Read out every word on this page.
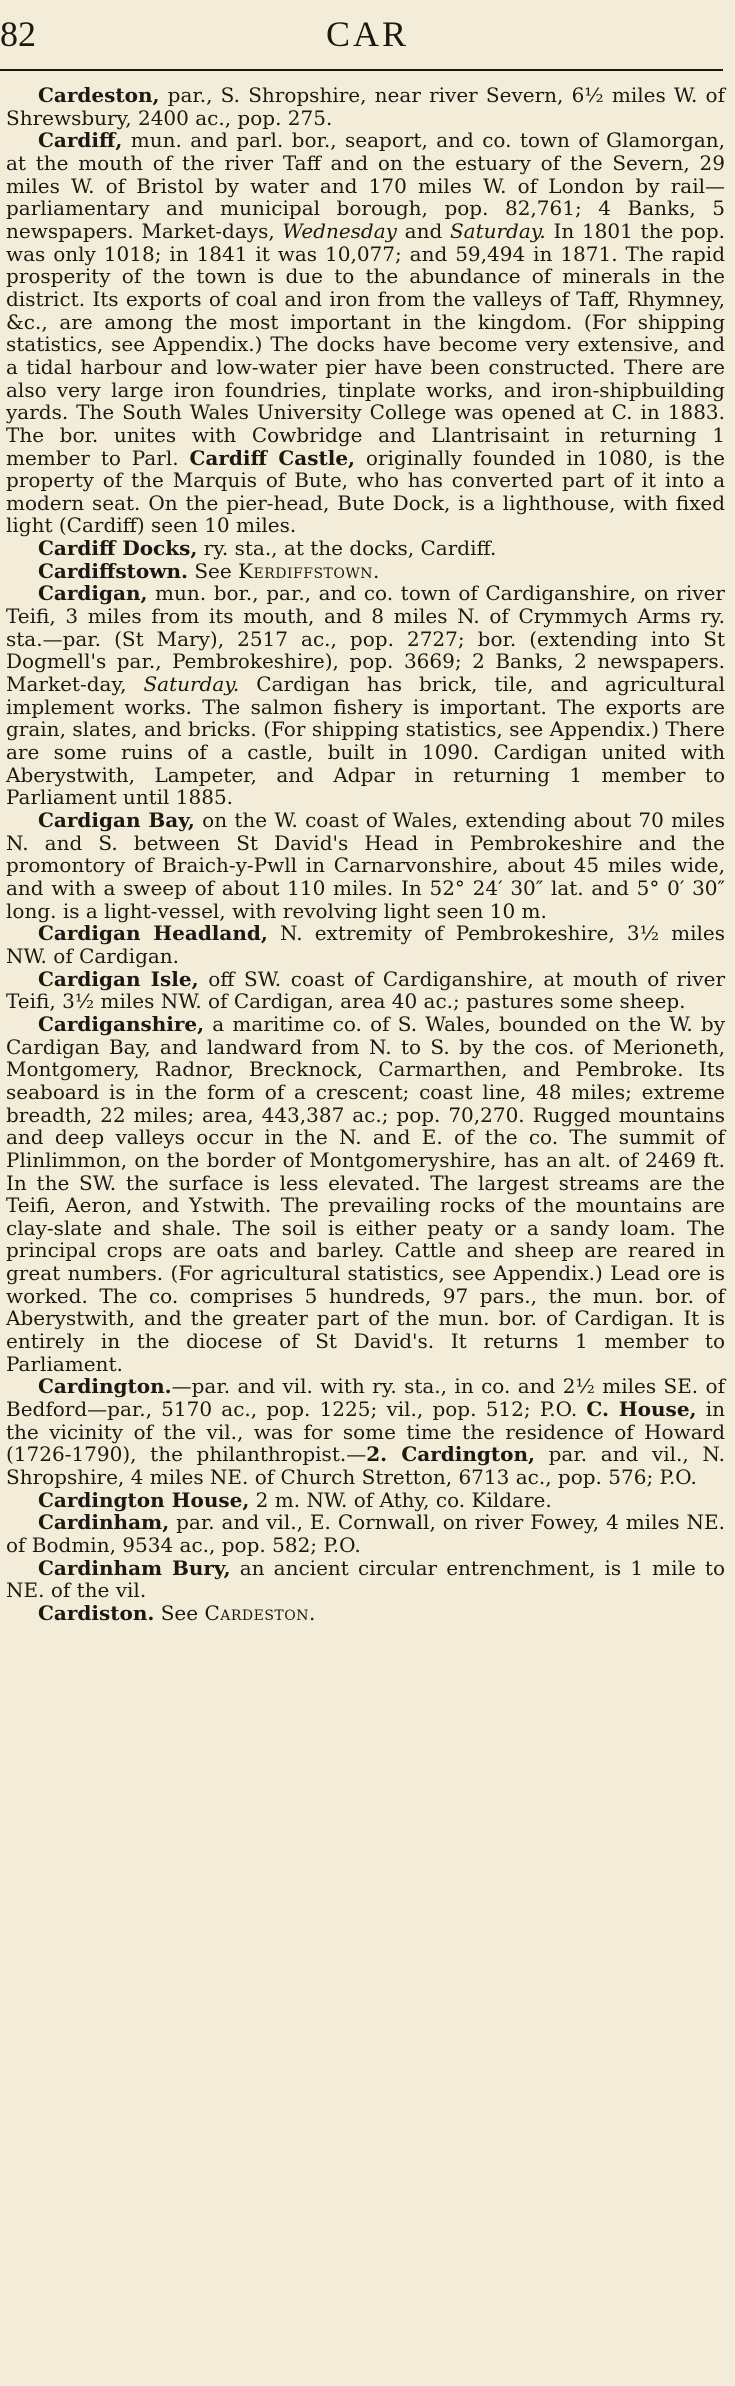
82	CAR

Cardeston, par., S. Shropshire, near river Severn, 6½ miles W. of Shrewsbury, 2400 ac., pop. 275.

Cardiff, mun. and parl. bor., seaport, and co. town of Glamorgan, at the mouth of the river Taff and on the estuary of the Severn, 29 miles W. of Bristol by water and 170 miles W. of London by rail—parliamentary and municipal borough, pop. 82,761; 4 Banks, 5 newspapers. Market-days, Wednesday and Saturday. In 1801 the pop. was only 1018; in 1841 it was 10,077; and 59,494 in 1871. The rapid prosperity of the town is due to the abundance of minerals in the district. Its exports of coal and iron from the valleys of Taff, Rhymney, &c., are among the most important in the kingdom. (For shipping statistics, see Appendix.) The docks have become very extensive, and a tidal harbour and low-water pier have been constructed. There are also very large iron foundries, tinplate works, and iron-shipbuilding yards. The South Wales University College was opened at C. in 1883. The bor. unites with Cowbridge and Llantrisaint in returning 1 member to Parl. Cardiff Castle, originally founded in 1080, is the property of the Marquis of Bute, who has converted part of it into a modern seat. On the pier-head, Bute Dock, is a lighthouse, with fixed light (Cardiff) seen 10 miles.

Cardiff Docks, ry. sta., at the docks, Cardiff.

Cardiffstown. See Kerdiffstown.

Cardigan, mun. bor., par., and co. town of Cardiganshire, on river Teifi, 3 miles from its mouth, and 8 miles N. of Crymmych Arms ry. sta.—par. (St Mary), 2517 ac., pop. 2727; bor. (extending into St Dogmell's par., Pembrokeshire), pop. 3669; 2 Banks, 2 newspapers. Market-day, Saturday. Cardigan has brick, tile, and agricultural implement works. The salmon fishery is important. The exports are grain, slates, and bricks. (For shipping statistics, see Appendix.) There are some ruins of a castle, built in 1090. Cardigan united with Aberystwith, Lampeter, and Adpar in returning 1 member to Parliament until 1885.

Cardigan Bay, on the W. coast of Wales, extending about 70 miles N. and S. between St David's Head in Pembrokeshire and the promontory of Braich-y-Pwll in Carnarvonshire, about 45 miles wide, and with a sweep of about 110 miles. In 52° 24′ 30″ lat. and 5° 0′ 30″ long. is a light-vessel, with revolving light seen 10 m.

Cardigan Headland, N. extremity of Pembrokeshire, 3½ miles NW. of Cardigan.

Cardigan Isle, off SW. coast of Cardiganshire, at mouth of river Teifi, 3½ miles NW. of Cardigan, area 40 ac.; pastures some sheep.

Cardiganshire, a maritime co. of S. Wales, bounded on the W. by Cardigan Bay, and landward from N. to S. by the cos. of Merioneth, Montgomery, Radnor, Brecknock, Carmarthen, and Pembroke. Its seaboard is in the form of a crescent; coast line, 48 miles; extreme breadth, 22 miles; area, 443,387 ac.; pop. 70,270. Rugged mountains and deep valleys occur in the N. and E. of the co. The summit of Plinlimmon, on the border of Montgomeryshire, has an alt. of 2469 ft. In the SW. the surface is less elevated. The largest streams are the Teifi, Aeron, and Ystwith. The prevailing rocks of the mountains are clay-slate and shale. The soil is either peaty or a sandy loam. The principal crops are oats and barley. Cattle and sheep are reared in great numbers. (For agricultural statistics, see Appendix.) Lead ore is worked. The co. comprises 5 hundreds, 97 pars., the mun. bor. of Aberystwith, and the greater part of the mun. bor. of Cardigan. It is entirely in the diocese of St David's. It returns 1 member to Parliament.

Cardington.—par. and vil. with ry. sta., in co. and 2½ miles SE. of Bedford—par., 5170 ac., pop. 1225; vil., pop. 512; P.O. C. House, in the vicinity of the vil., was for some time the residence of Howard (1726-1790), the philanthropist.—2. Cardington, par. and vil., N. Shropshire, 4 miles NE. of Church Stretton, 6713 ac., pop. 576; P.O.

Cardington House, 2 m. NW. of Athy, co. Kildare.

Cardinham, par. and vil., E. Cornwall, on river Fowey, 4 miles NE. of Bodmin, 9534 ac., pop. 582; P.O.

Cardinham Bury, an ancient circular entrenchment, is 1 mile to NE. of the vil.

Cardiston. See Cardeston.
